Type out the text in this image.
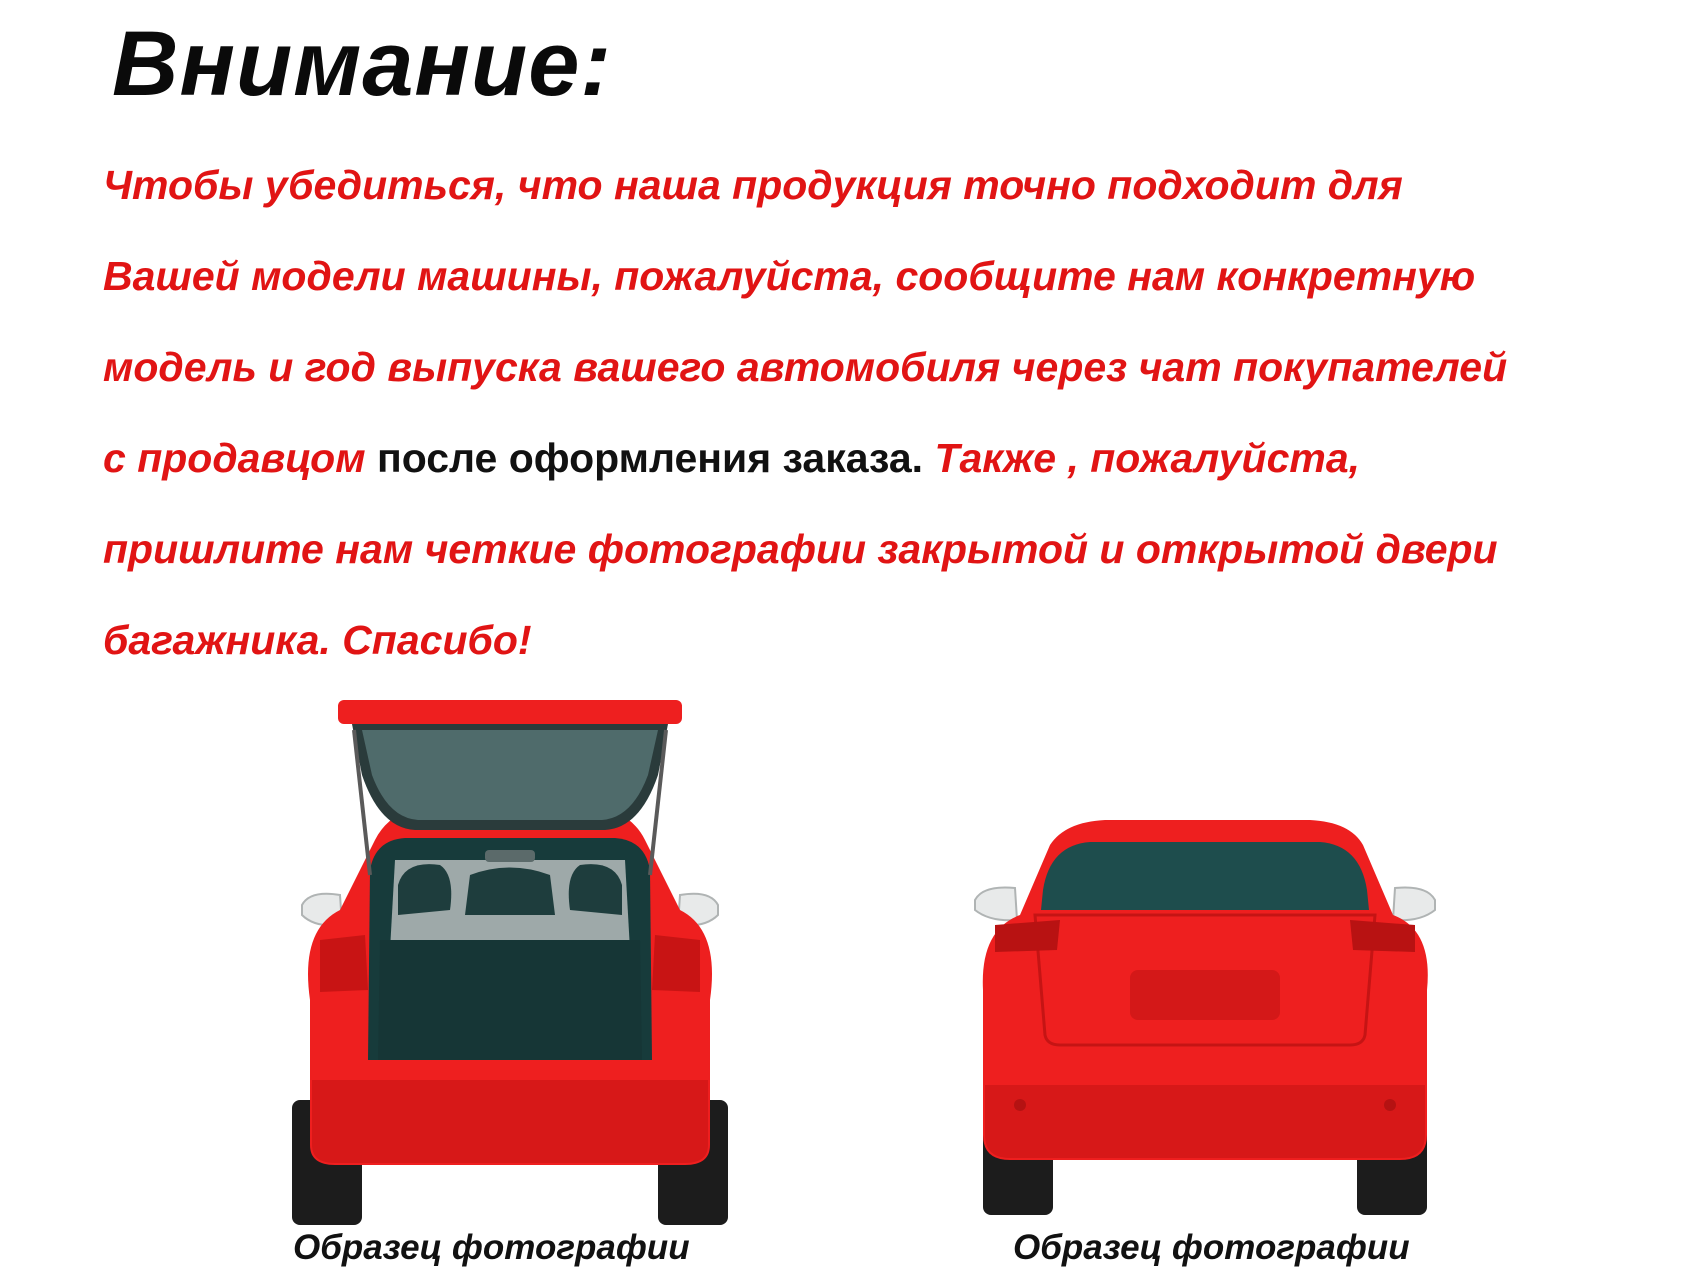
Внимание:

Чтобы убедиться, что наша продукция точно подходит для
Вашей модели машины, пожалуйста, сообщите нам конкретную
модель и год выпуска вашего автомобиля через чат покупателей
с продавцом после оформления заказа. Также , пожалуйста,
пришлите нам четкие фотографии закрытой и открытой двери
багажника. Спасибо!

Образец фотографии	Образец фотографии
